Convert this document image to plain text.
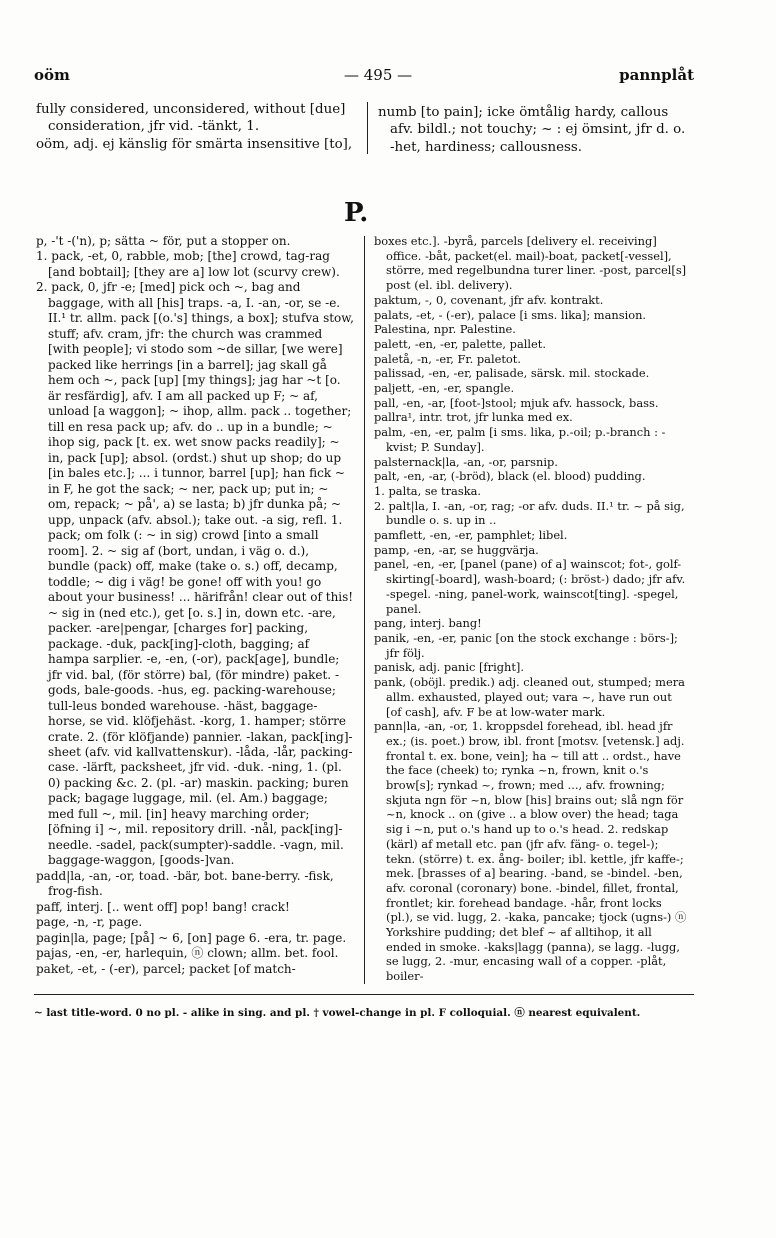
oöm	— 495 —	pannplåt

fully considered, unconsidered, without [due] consideration, jfr vid. -tänkt, 1.

oöm, adj. ej känslig för smärta insensitive [to],

numb [to pain]; icke ömtålig hardy, callous afv. bildl.; not touchy; ~ : ej ömsint, jfr d. o. -het, hardiness; callousness.

P.

p, -'t -('n), p; sätta ~ för, put a stopper on.

1. pack, -et, 0, rabble, mob; [the] crowd, tag-rag [and bobtail]; [they are a] low lot (scurvy crew).

2. pack, 0, jfr -e; [med] pick och ~, bag and baggage, with all [his] traps. -a, I. -an, -or, se -e. II.¹ tr. allm. pack [(o.'s] things, a box]; stufva stow, stuff; afv. cram, jfr: the church was crammed [with people]; vi stodo som ~de sillar, [we were] packed like herrings [in a barrel]; jag skall gå hem och ~, pack [up] [my things]; jag har ~t [o. är resfärdig], afv. I am all packed up F; ~ af, unload [a waggon]; ~ ihop, allm. pack .. together; till en resa pack up; afv. do .. up in a bundle; ~ ihop sig, pack [t. ex. wet snow packs readily]; ~ in, pack [up]; absol. (ordst.) shut up shop; do up [in bales etc.]; ... i tunnor, barrel [up]; han fick ~ in F, he got the sack; ~ ner, pack up; put in; ~ om, repack; ~ på', a) se lasta; b) jfr dunka på; ~ upp, unpack (afv. absol.); take out. -a sig, refl. 1. pack; om folk (: ~ in sig) crowd [into a small room]. 2. ~ sig af (bort, undan, i väg o. d.), bundle (pack) off, make (take o. s.) off, decamp, toddle; ~ dig i väg! be gone! off with you! go about your business! ... härifrån! clear out of this! ~ sig in (ned etc.), get [o. s.] in, down etc. -are, packer. -are|pengar, [charges for] packing, package. -duk, pack[ing]-cloth, bagging; af hampa sarplier. -e, -en, (-or), pack[age], bundle; jfr vid. bal, (för större) bal, (för mindre) paket. -gods, bale-goods. -hus, eg. packing-warehouse; tull-leus bonded warehouse. -häst, baggage-horse, se vid. klöfjehäst. -korg, 1. hamper; större crate. 2. (för klöfjande) pannier. -lakan, pack[ing]-sheet (afv. vid kallvattenskur). -låda, -lår, packing-case. -lärft, packsheet, jfr vid. -duk. -ning, 1. (pl. 0) packing &c. 2. (pl. -ar) maskin. packing; buren pack; bagage luggage, mil. (el. Am.) baggage; med full ~, mil. [in] heavy marching order; [öfning i] ~, mil. repository drill. -nål, pack[ing]-needle. -sadel, pack(sumpter)-saddle. -vagn, mil. baggage-waggon, [goods-]van.

padd|la, -an, -or, toad. -bär, bot. bane-berry. -fisk, frog-fish.

paff, interj. [.. went off] pop! bang! crack!

page, -n, -r, page.

pagin|la, page; [på] ~ 6, [on] page 6. -era, tr. page.

pajas, -en, -er, harlequin, ⓝ clown; allm. bet. fool.

paket, -et, - (-er), parcel; packet [of match-

boxes etc.]. -byrå, parcels [delivery el. receiving] office. -båt, packet(el. mail)-boat, packet[-vessel], större, med regelbundna turer liner. -post, parcel[s] post (el. ibl. delivery).

paktum, -, 0, covenant, jfr afv. kontrakt.

palats, -et, - (-er), palace [i sms. lika]; mansion.

Palestina, npr. Palestine.

palett, -en, -er, palette, pallet.

paletå, -n, -er, Fr. paletot.

palissad, -en, -er, palisade, särsk. mil. stockade.

paljett, -en, -er, spangle.

pall, -en, -ar, [foot-]stool; mjuk afv. hassock, bass.

pallra¹, intr. trot, jfr lunka med ex.

palm, -en, -er, palm [i sms. lika, p.-oil; p.-branch : -kvist; P. Sunday].

palsternack|la, -an, -or, parsnip.

palt, -en, -ar, (-bröd), black (el. blood) pudding.

1. palta, se traska.

2. palt|la, I. -an, -or, rag; -or afv. duds. II.¹ tr. ~ på sig, bundle o. s. up in ..

pamflett, -en, -er, pamphlet; libel.

pamp, -en, -ar, se huggvärja.

panel, -en, -er, [panel (pane) of a] wainscot; fot-, golf- skirting[-board], wash-board; (: bröst-) dado; jfr afv. -spegel. -ning, panel-work, wainscot[ting]. -spegel, panel.

pang, interj. bang!

panik, -en, -er, panic [on the stock exchange : börs-]; jfr följ.

panisk, adj. panic [fright].

pank, (oböjl. predik.) adj. cleaned out, stumped; mera allm. exhausted, played out; vara ~, have run out [of cash], afv. F be at low-water mark.

pann|la, -an, -or, 1. kroppsdel forehead, ibl. head jfr ex.; (is. poet.) brow, ibl. front [motsv. [vetensk.] adj. frontal t. ex. bone, vein]; ha ~ till att .. ordst., have the face (cheek) to; rynka ~n, frown, knit o.'s brow[s]; rynkad ~, frown; med ..., afv. frowning; skjuta ngn för ~n, blow [his] brains out; slå ngn för ~n, knock .. on (give .. a blow over) the head; taga sig i ~n, put o.'s hand up to o.'s head. 2. redskap (kärl) af metall etc. pan (jfr afv. fäng- o. tegel-); tekn. (större) t. ex. ång- boiler; ibl. kettle, jfr kaffe-; mek. [brasses of a] bearing. -band, se -bindel. -ben, afv. coronal (coronary) bone. -bindel, fillet, frontal, frontlet; kir. forehead bandage. -hår, front locks (pl.), se vid. lugg, 2. -kaka, pancake; tjock (ugns-) ⓝ Yorkshire pudding; det blef ~ af alltihop, it all ended in smoke. -kaks|lagg (panna), se lagg. -lugg, se lugg, 2. -mur, encasing wall of a copper. -plåt, boiler-

~ last title-word. 0 no pl. - alike in sing. and pl. † vowel-change in pl. F colloquial. ⓝ nearest equivalent.
